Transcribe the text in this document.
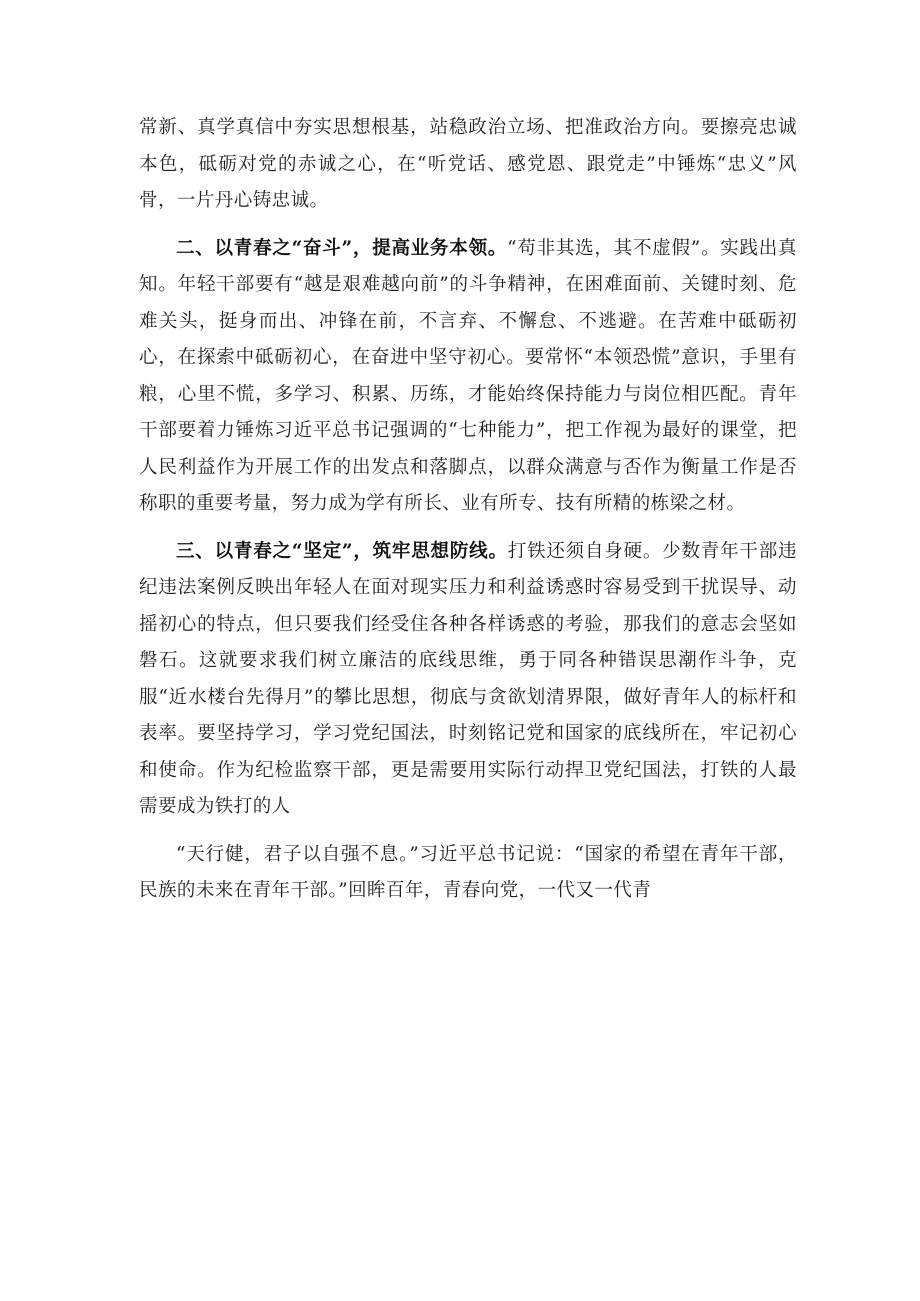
常新、真学真信中夯实思想根基，站稳政治立场、把准政治方向。要擦亮忠诚本色，砥砺对党的赤诚之心，在“听党话、感党恩、跟党走”中锤炼“忠义”风骨，一片丹心铸忠诚。

二、以青春之“奋斗”，提高业务本领。“苟非其选，其不虚假”。实践出真知。年轻干部要有“越是艰难越向前”的斗争精神，在困难面前、关键时刻、危难关头，挺身而出、冲锋在前，不言弃、不懈怠、不逃避。在苦难中砥砺初心，在探索中砥砺初心，在奋进中坚守初心。要常怀“本领恐慌”意识，手里有粮，心里不慌，多学习、积累、历练，才能始终保持能力与岗位相匹配。青年干部要着力锤炼习近平总书记强调的“七种能力”，把工作视为最好的课堂，把人民利益作为开展工作的出发点和落脚点，以群众满意与否作为衡量工作是否称职的重要考量，努力成为学有所长、业有所专、技有所精的栋梁之材。

三、以青春之“坚定”，筑牢思想防线。打铁还须自身硬。少数青年干部违纪违法案例反映出年轻人在面对现实压力和利益诱惑时容易受到干扰误导、动摇初心的特点，但只要我们经受住各种各样诱惑的考验，那我们的意志会坚如磐石。这就要求我们树立廉洁的底线思维，勇于同各种错误思潮作斗争，克服“近水楼台先得月”的攀比思想，彻底与贪欲划清界限，做好青年人的标杆和表率。要坚持学习，学习党纪国法，时刻铭记党和国家的底线所在，牢记初心和使命。作为纪检监察干部，更是需要用实际行动捍卫党纪国法，打铁的人最需要成为铁打的人

“天行健，君子以自强不息。”习近平总书记说：“国家的希望在青年干部，民族的未来在青年干部。”回眸百年，青春向党，一代又一代青
